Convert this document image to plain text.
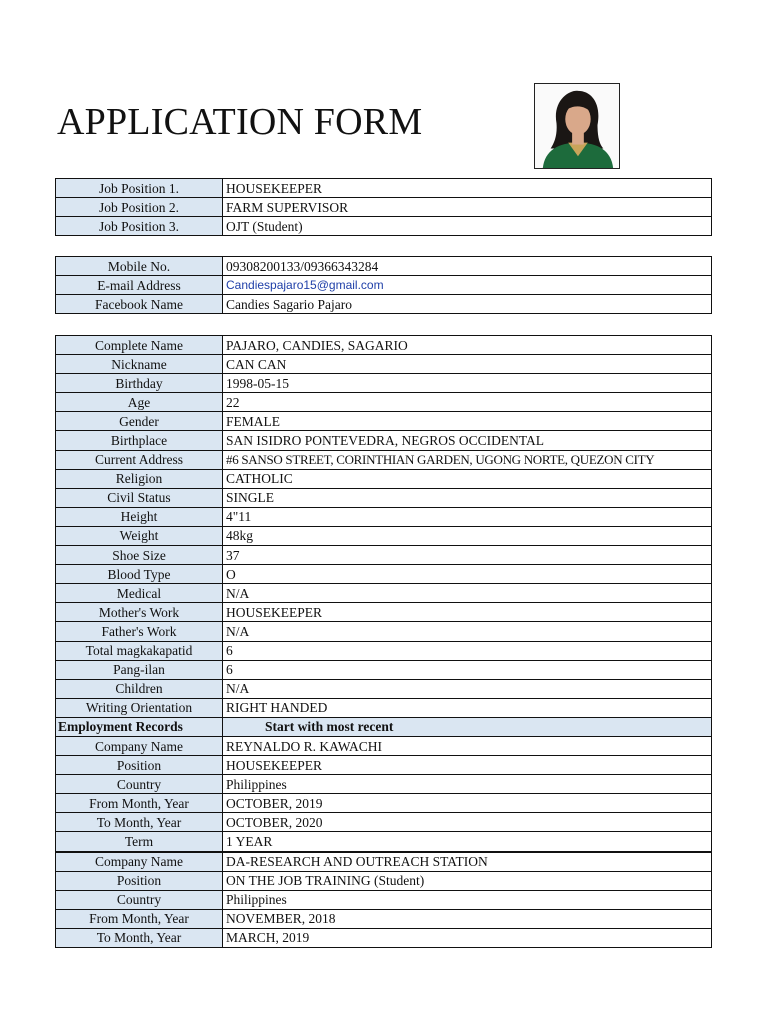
APPLICATION FORM
Job Position 1.	HOUSEKEEPER
Job Position 2.	FARM SUPERVISOR
Job Position 3.	OJT (Student)
Mobile No.	09308200133/09366343284
E-mail Address	Candiespajaro15@gmail.com
Facebook Name	Candies Sagario Pajaro
Complete Name	PAJARO, CANDIES, SAGARIO
Nickname	CAN CAN
Birthday	1998-05-15
Age	22
Gender	FEMALE
Birthplace	SAN ISIDRO PONTEVEDRA, NEGROS OCCIDENTAL
Current Address	#6 SANSO STREET, CORINTHIAN GARDEN, UGONG NORTE, QUEZON CITY
Religion	CATHOLIC
Civil Status	SINGLE
Height	4"11
Weight	48kg
Shoe Size	37
Blood Type	O
Medical	N/A
Mother's Work	HOUSEKEEPER
Father's Work	N/A
Total magkakapatid	6
Pang-ilan	6
Children	N/A
Writing Orientation	RIGHT HANDED
Employment Records	Start with most recent
Company Name	REYNALDO R. KAWACHI
Position	HOUSEKEEPER
Country	Philippines
From Month, Year	OCTOBER, 2019
To Month, Year	OCTOBER, 2020
Term	1 YEAR
Company Name	DA-RESEARCH AND OUTREACH STATION
Position	ON THE JOB TRAINING (Student)
Country	Philippines
From Month, Year	NOVEMBER, 2018
To Month, Year	MARCH, 2019
